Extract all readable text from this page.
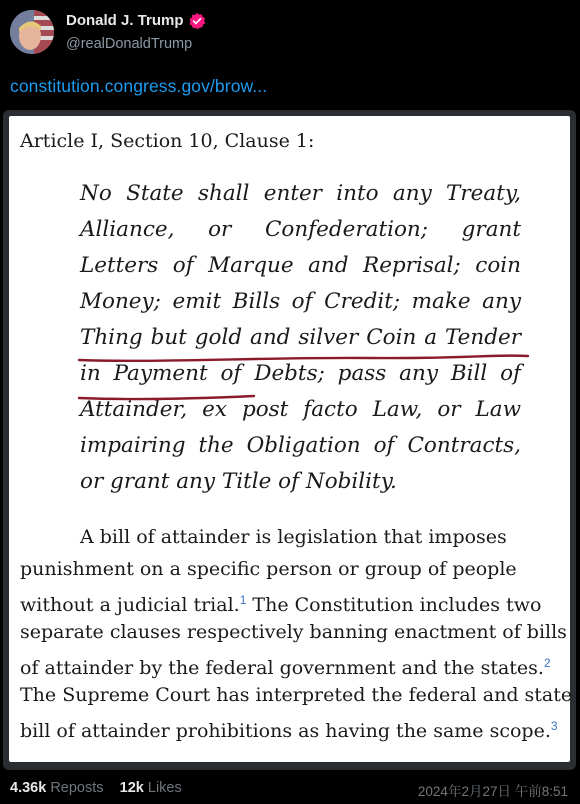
Donald J. Trump
@realDonaldTrump
constitution.congress.gov/brow...
Article I, Section 10, Clause 1:
No State shall enter into any Treaty,
Alliance, or Confederation; grant
Letters of Marque and Reprisal; coin
Money; emit Bills of Credit; make any
Thing but gold and silver Coin a Tender
in Payment of Debts; pass any Bill of
Attainder, ex post facto Law, or Law
impairing the Obligation of Contracts,
or grant any Title of Nobility.
A bill of attainder is legislation that imposes
punishment on a specific person or group of people
without a judicial trial.$^1$ The Constitution includes two
separate clauses respectively banning enactment of bills
of attainder by the federal government and the states.$^2$
The Supreme Court has interpreted the federal and state
bill of attainder prohibitions as having the same scope.$^3$
4.36k Reposts 12k Likes	2024年2月27日 午前8:51
